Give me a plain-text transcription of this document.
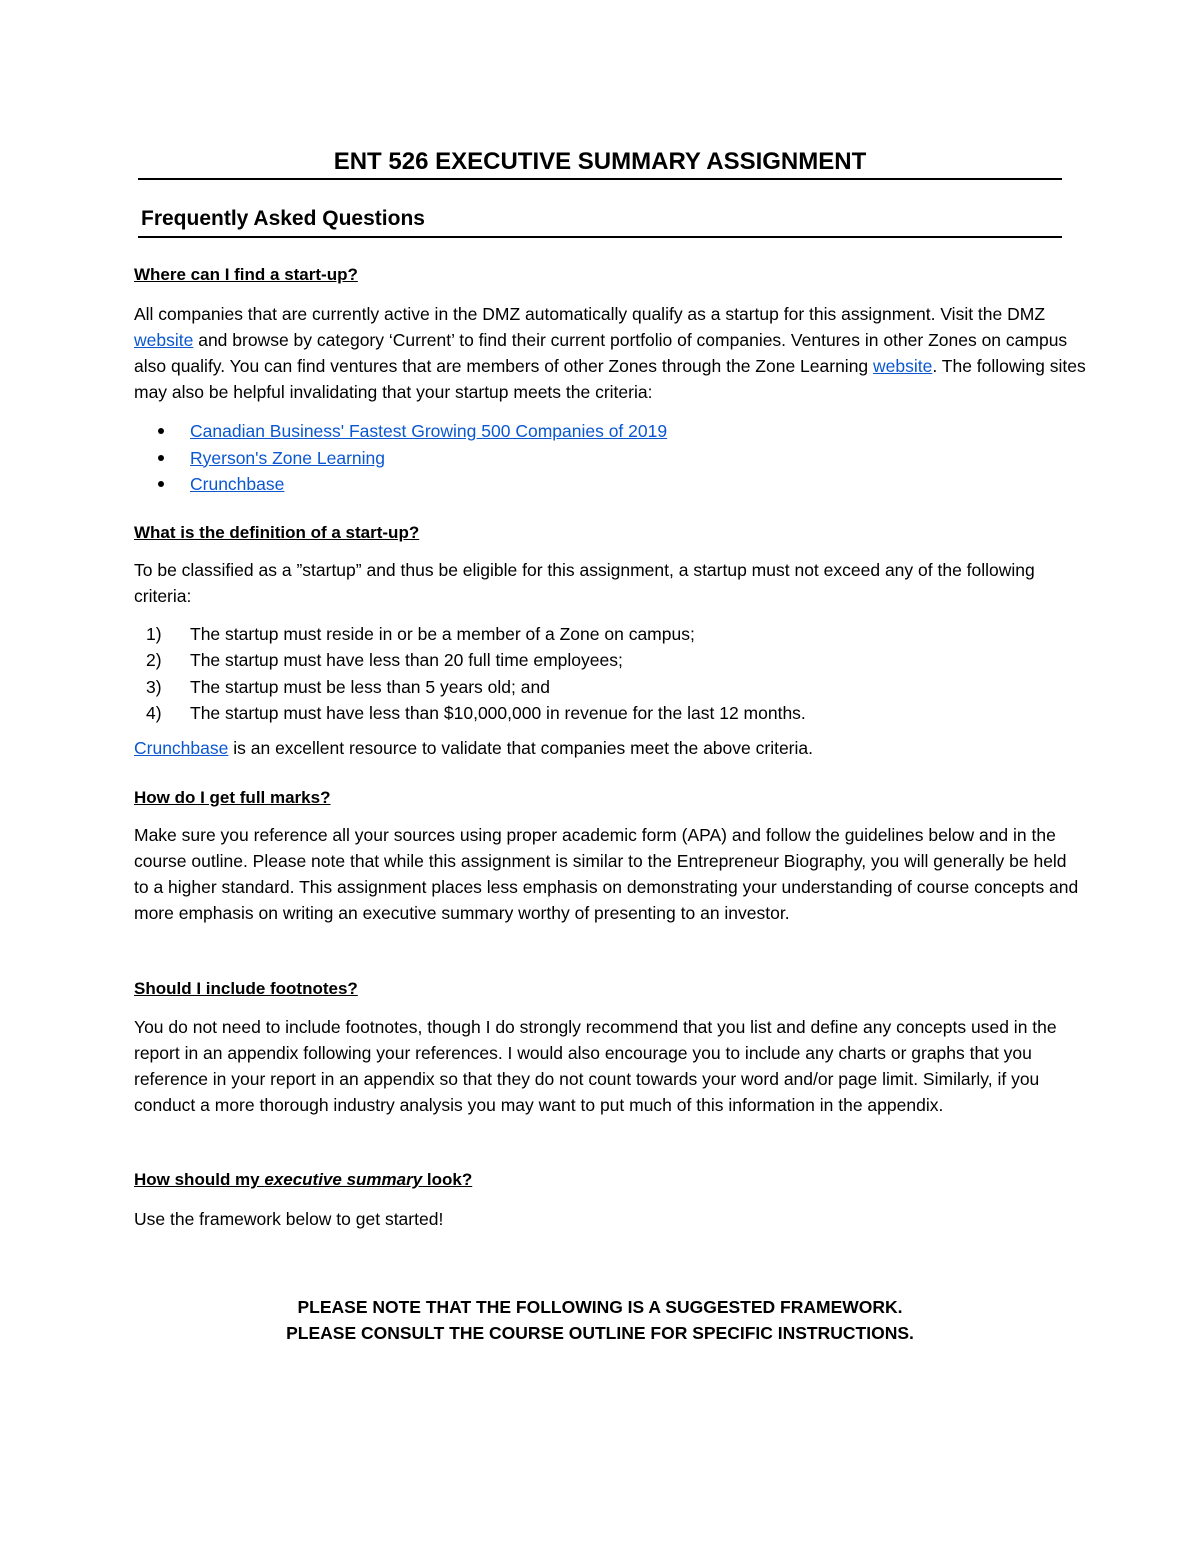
ENT 526 EXECUTIVE SUMMARY ASSIGNMENT
Frequently Asked Questions
Where can I find a start-up?
All companies that are currently active in the DMZ automatically qualify as a startup for this assignment. Visit the DMZ website and browse by category ‘Current’ to find their current portfolio of companies. Ventures in other Zones on campus also qualify. You can find ventures that are members of other Zones through the Zone Learning website. The following sites may also be helpful invalidating that your startup meets the criteria:
Canadian Business' Fastest Growing 500 Companies of 2019
Ryerson's Zone Learning
Crunchbase
What is the definition of a start-up?
To be classified as a ”startup” and thus be eligible for this assignment, a startup must not exceed any of the following criteria:
1) The startup must reside in or be a member of a Zone on campus;
2) The startup must have less than 20 full time employees;
3) The startup must be less than 5 years old; and
4) The startup must have less than $10,000,000 in revenue for the last 12 months.
Crunchbase is an excellent resource to validate that companies meet the above criteria.
How do I get full marks?
Make sure you reference all your sources using proper academic form (APA) and follow the guidelines below and in the course outline. Please note that while this assignment is similar to the Entrepreneur Biography, you will generally be held to a higher standard. This assignment places less emphasis on demonstrating your understanding of course concepts and more emphasis on writing an executive summary worthy of presenting to an investor.
Should I include footnotes?
You do not need to include footnotes, though I do strongly recommend that you list and define any concepts used in the report in an appendix following your references. I would also encourage you to include any charts or graphs that you reference in your report in an appendix so that they do not count towards your word and/or page limit. Similarly, if you conduct a more thorough industry analysis you may want to put much of this information in the appendix.
How should my executive summary look?
Use the framework below to get started!
PLEASE NOTE THAT THE FOLLOWING IS A SUGGESTED FRAMEWORK.
PLEASE CONSULT THE COURSE OUTLINE FOR SPECIFIC INSTRUCTIONS.
